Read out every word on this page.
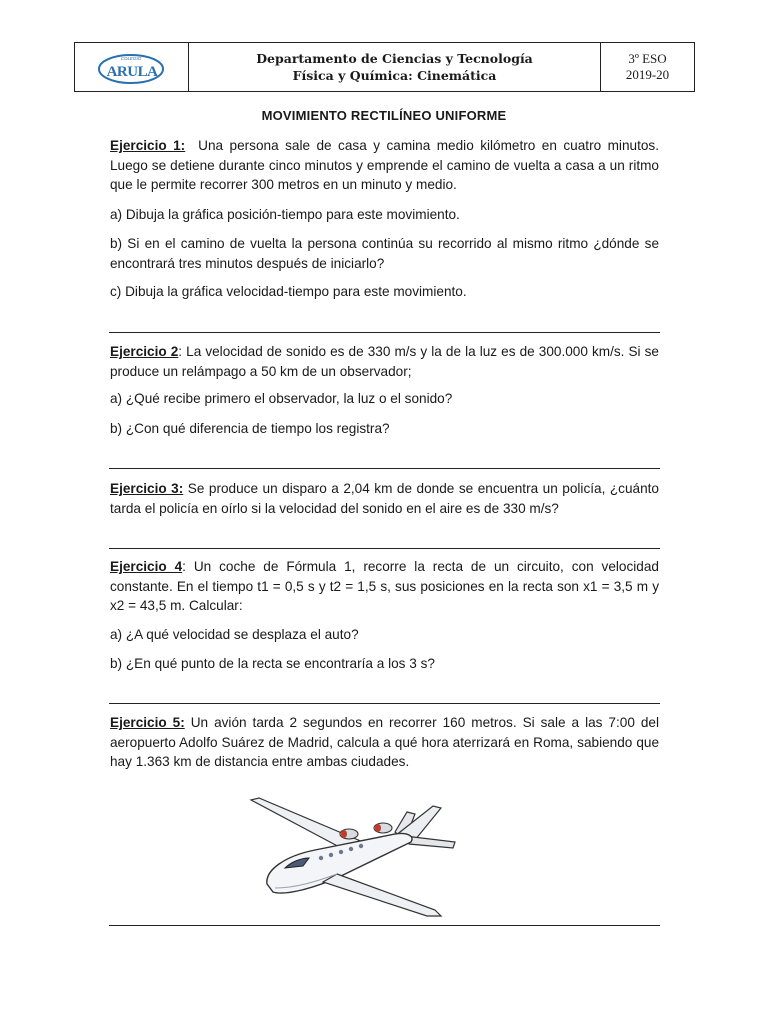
COLEGIO
ARULA
Departamento de Ciencias y Tecnología
Física y Química: Cinemática
3º ESO
2019-20
MOVIMIENTO RECTILÍNEO UNIFORME

Ejercicio 1: Una persona sale de casa y camina medio kilómetro en cuatro minutos. Luego se detiene durante cinco minutos y emprende el camino de vuelta a casa a un ritmo que le permite recorrer 300 metros en un minuto y medio.

a) Dibuja la gráfica posición-tiempo para este movimiento.

b) Si en el camino de vuelta la persona continúa su recorrido al mismo ritmo ¿dónde se encontrará tres minutos después de iniciarlo?

c) Dibuja la gráfica velocidad-tiempo para este movimiento.

Ejercicio 2: La velocidad de sonido es de 330 m/s y la de la luz es de 300.000 km/s. Si se produce un relámpago a 50 km de un observador;

a) ¿Qué recibe primero el observador, la luz o el sonido?

b) ¿Con qué diferencia de tiempo los registra?

Ejercicio 3: Se produce un disparo a 2,04 km de donde se encuentra un policía, ¿cuánto tarda el policía en oírlo si la velocidad del sonido en el aire es de 330 m/s?

Ejercicio 4: Un coche de Fórmula 1, recorre la recta de un circuito, con velocidad constante. En el tiempo t1 = 0,5 s y t2 = 1,5 s, sus posiciones en la recta son x1 = 3,5 m y x2 = 43,5 m. Calcular:

a) ¿A qué velocidad se desplaza el auto?

b) ¿En qué punto de la recta se encontraría a los 3 s?

Ejercicio 5: Un avión tarda 2 segundos en recorrer 160 metros. Si sale a las 7:00 del aeropuerto Adolfo Suárez de Madrid, calcula a qué hora aterrizará en Roma, sabiendo que hay 1.363 km de distancia entre ambas ciudades.
